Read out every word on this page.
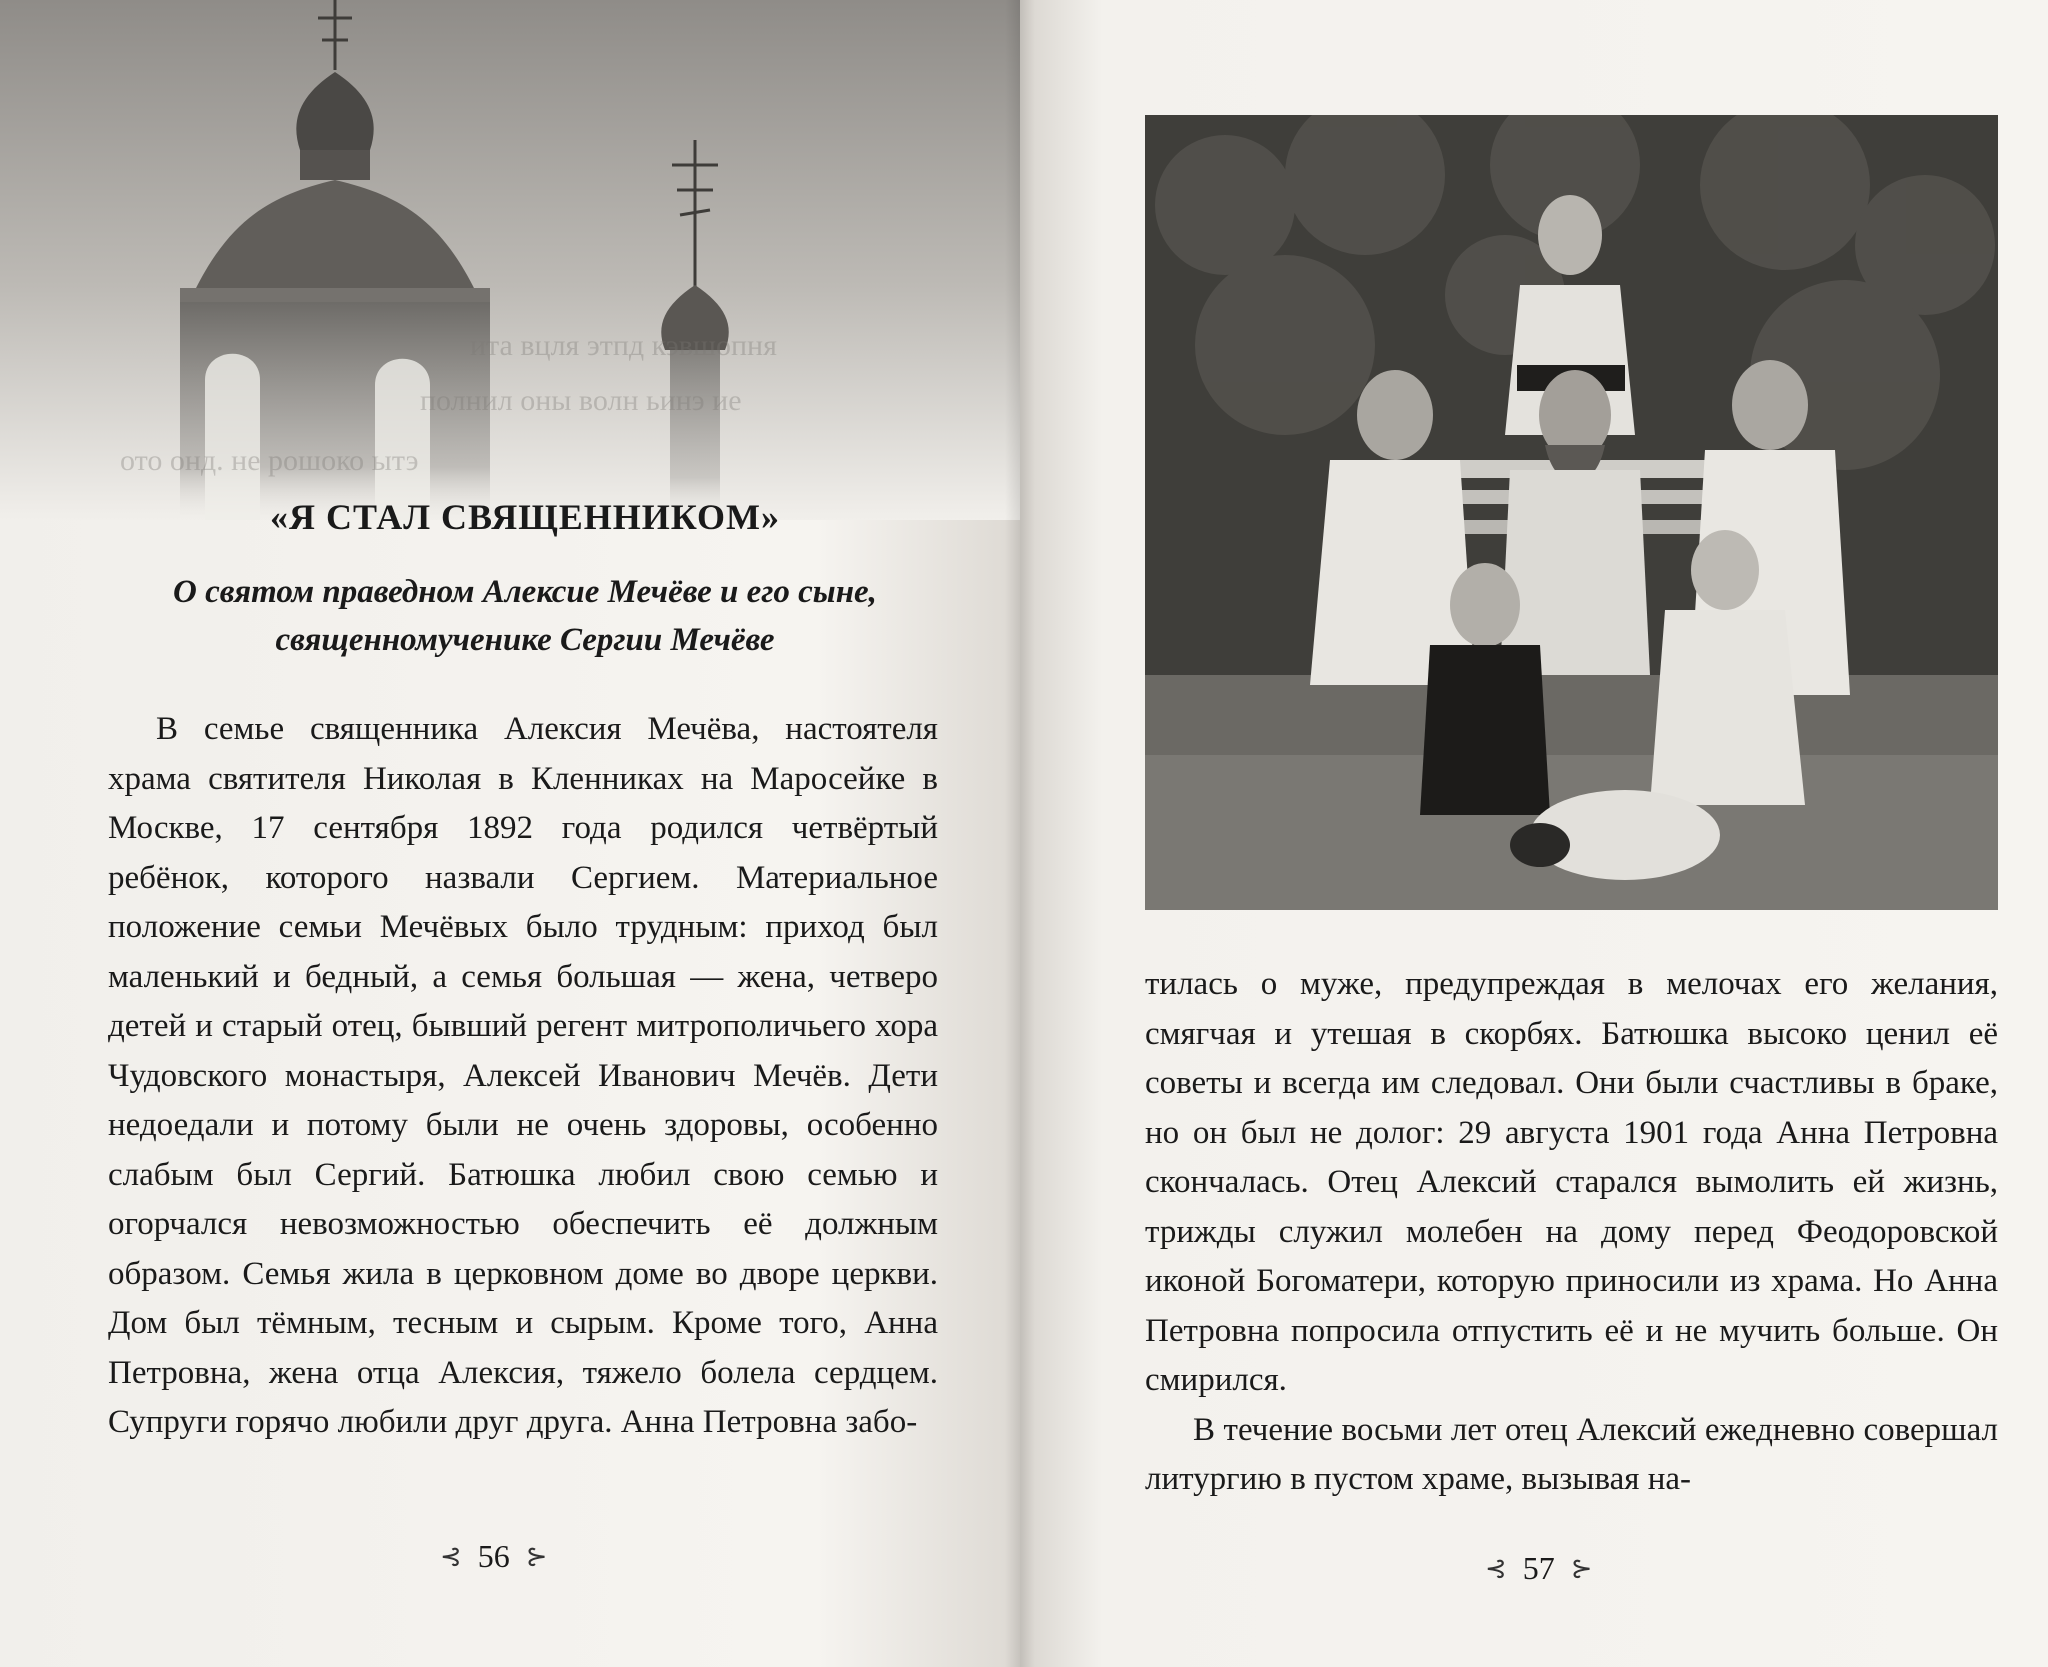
ита вцля этпд кэвшопня
полнил оны волн ьинэ ие
ото онд. не рошоко ытэ
«Я СТАЛ СВЯЩЕННИКОМ»
О святом праведном Алексие Мечёве и его сыне, священномученике Сергии Мечёве

В семье священника Алексия Мечёва, настоятеля храма святителя Николая в Кленниках на Маросейке в Москве, 17 сентября 1892 года родился четвёртый ребёнок, которого назвали Сергием. Материальное положение семьи Мечёвых было трудным: приход был маленький и бедный, а семья большая — жена, четверо детей и старый отец, бывший регент митрополичьего хора Чудовского монастыря, Алексей Иванович Мечёв. Дети недоедали и потому были не очень здоровы, особенно слабым был Сергий. Батюшка любил свою семью и огорчался невозможностью обеспечить её должным образом. Семья жила в церковном доме во дворе церкви. Дом был тёмным, тесным и сырым. Кроме того, Анна Петровна, жена отца Алексия, тяжело болела сердцем. Супруги горячо любили друг друга. Анна Петровна забо-

⊰ 56 ⊱

тилась о муже, предупреждая в мелочах его желания, смягчая и утешая в скорбях. Батюшка высоко ценил её советы и всегда им следовал. Они были счастливы в браке, но он был не долог: 29 августа 1901 года Анна Петровна скончалась. Отец Алексий старался вымолить ей жизнь, трижды служил молебен на дому перед Феодоровской иконой Богоматери, которую приносили из храма. Но Анна Петровна попросила отпустить её и не мучить больше. Он смирился.

В течение восьми лет отец Алексий ежедневно совершал литургию в пустом храме, вызывая на-

⊰ 57 ⊱
